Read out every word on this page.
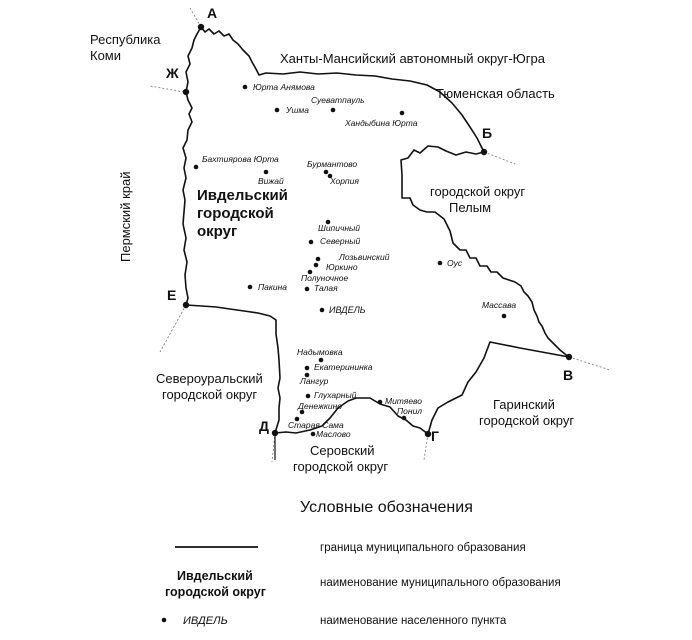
А
Б
В
Г
Д
Е
Ж
Ивдельский
городской
округ
Республика
Коми	Ханты-Мансийский автономный округ-Югра
Тюменская область
городской округ
Пелым
Пермский край
Североуральский
городской округ
Гаринский
городской округ
Серовский
городской округ
Юрта Анямова
Ушма
Суеватпауль
Хандыбина Юрта
Бахтиярова Юрта
Вижай
Бурмантово
Хорпия
Шипичный
Северный
Лозьвинский
Юркино
Полуночное
Талая
Пакина
ИВДЕЛЬ
Оус
Массава
Надымовка
Екатерининка
Лангур
Глухарный
Денежкино	Митяево
Понил
Старая Сама
Маслово
Условные обозначения
граница муниципального образования
Ивдельский
городской округ
наименование муниципального образования
ИВДЕЛЬ	наименование населенного пункта
